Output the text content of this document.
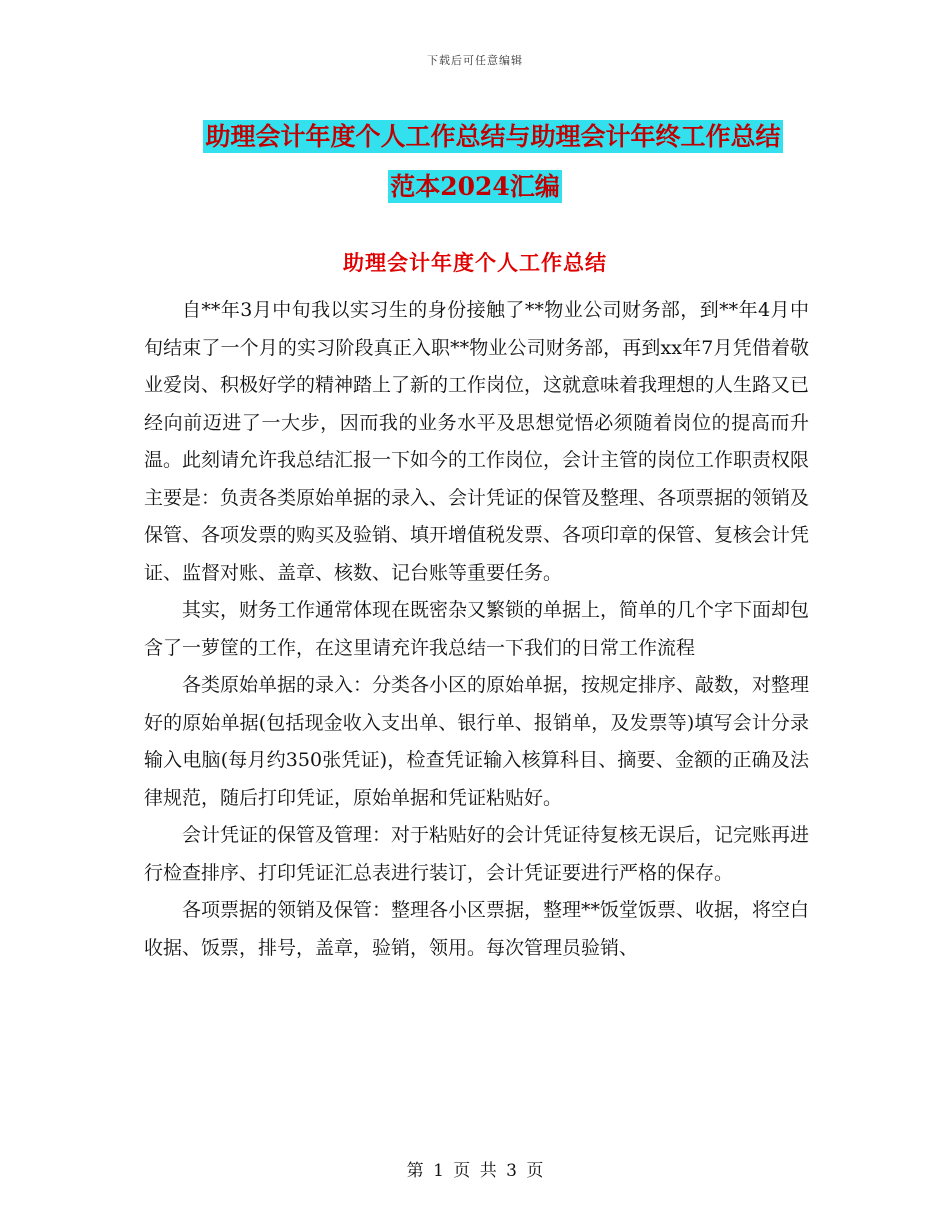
下载后可任意编辑
助理会计年度个人工作总结与助理会计年终工作总结
范本2024汇编
助理会计年度个人工作总结

自**年3月中旬我以实习生的身份接触了**物业公司财务部，到**年4月中旬结束了一个月的实习阶段真正入职**物业公司财务部，再到xx年7月凭借着敬业爱岗、积极好学的精神踏上了新的工作岗位，这就意味着我理想的人生路又已经向前迈进了一大步，因而我的业务水平及思想觉悟必须随着岗位的提高而升温。此刻请允许我总结汇报一下如今的工作岗位，会计主管的岗位工作职责权限主要是：负责各类原始单据的录入、会计凭证的保管及整理、各项票据的领销及保管、各项发票的购买及验销、填开增值税发票、各项印章的保管、复核会计凭证、监督对账、盖章、核数、记台账等重要任务。

其实，财务工作通常体现在既密杂又繁锁的单据上，简单的几个字下面却包含了一萝筐的工作，在这里请充许我总结一下我们的日常工作流程

各类原始单据的录入：分类各小区的原始单据，按规定排序、敲数，对整理好的原始单据(包括现金收入支出单、银行单、报销单，及发票等)填写会计分录输入电脑(每月约350张凭证)，检查凭证输入核算科目、摘要、金额的正确及法律规范，随后打印凭证，原始单据和凭证粘贴好。

会计凭证的保管及管理：对于粘贴好的会计凭证待复核无误后，记完账再进行检查排序、打印凭证汇总表进行装订，会计凭证要进行严格的保存。

各项票据的领销及保管：整理各小区票据，整理**饭堂饭票、收据，将空白收据、饭票，排号，盖章，验销，领用。每次管理员验销、

第 1 页 共 3 页
